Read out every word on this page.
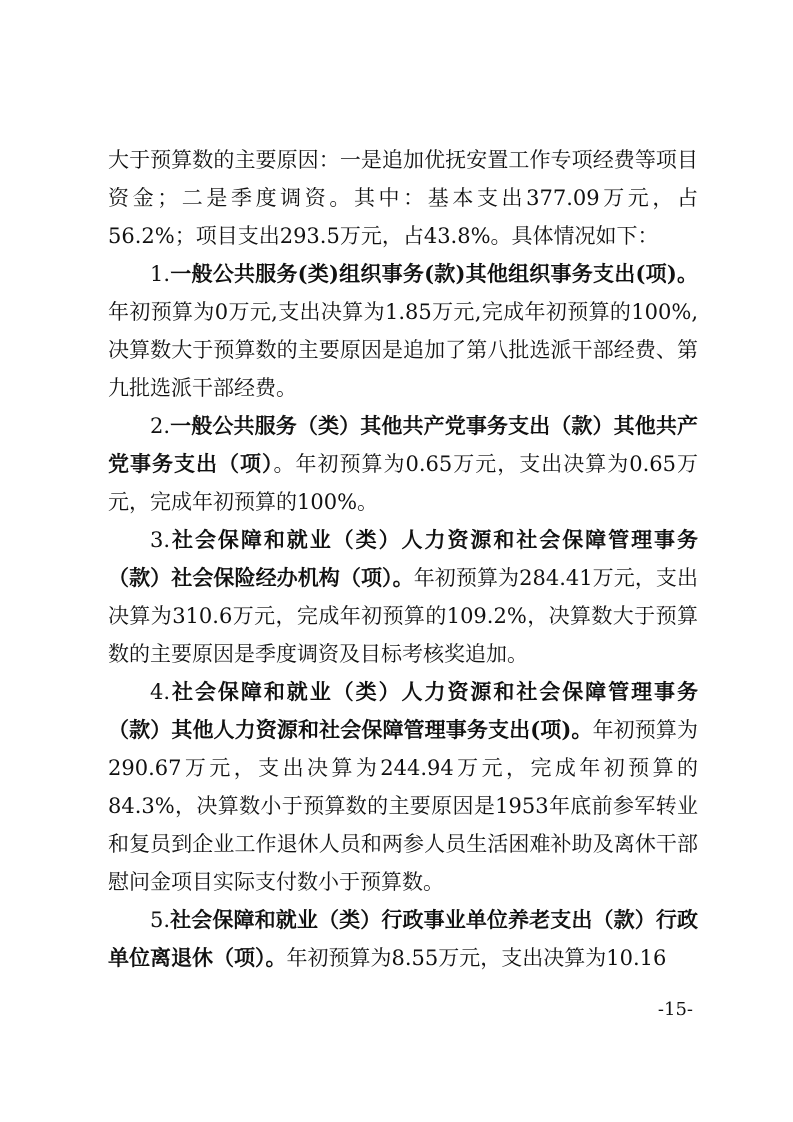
大于预算数的主要原因：一是追加优抚安置工作专项经费等项目资金；二是季度调资。其中：基本支出377.09万元，占56.2%；项目支出293.5万元，占43.8%。具体情况如下：

1.一般公共服务(类)组织事务(款)其他组织事务支出(项)。年初预算为0万元,支出决算为1.85万元,完成年初预算的100%,决算数大于预算数的主要原因是追加了第八批选派干部经费、第九批选派干部经费。

2.一般公共服务（类）其他共产党事务支出（款）其他共产党事务支出（项）。年初预算为0.65万元，支出决算为0.65万元，完成年初预算的100%。

3.社会保障和就业（类）人力资源和社会保障管理事务（款）社会保险经办机构（项）。年初预算为284.41万元，支出决算为310.6万元，完成年初预算的109.2%，决算数大于预算数的主要原因是季度调资及目标考核奖追加。

4.社会保障和就业（类）人力资源和社会保障管理事务（款）其他人力资源和社会保障管理事务支出(项)。年初预算为290.67万元，支出决算为244.94万元，完成年初预算的84.3%，决算数小于预算数的主要原因是1953年底前参军转业和复员到企业工作退休人员和两参人员生活困难补助及离休干部慰问金项目实际支付数小于预算数。

5.社会保障和就业（类）行政事业单位养老支出（款）行政单位离退休（项）。年初预算为8.55万元，支出决算为10.16

-15-
